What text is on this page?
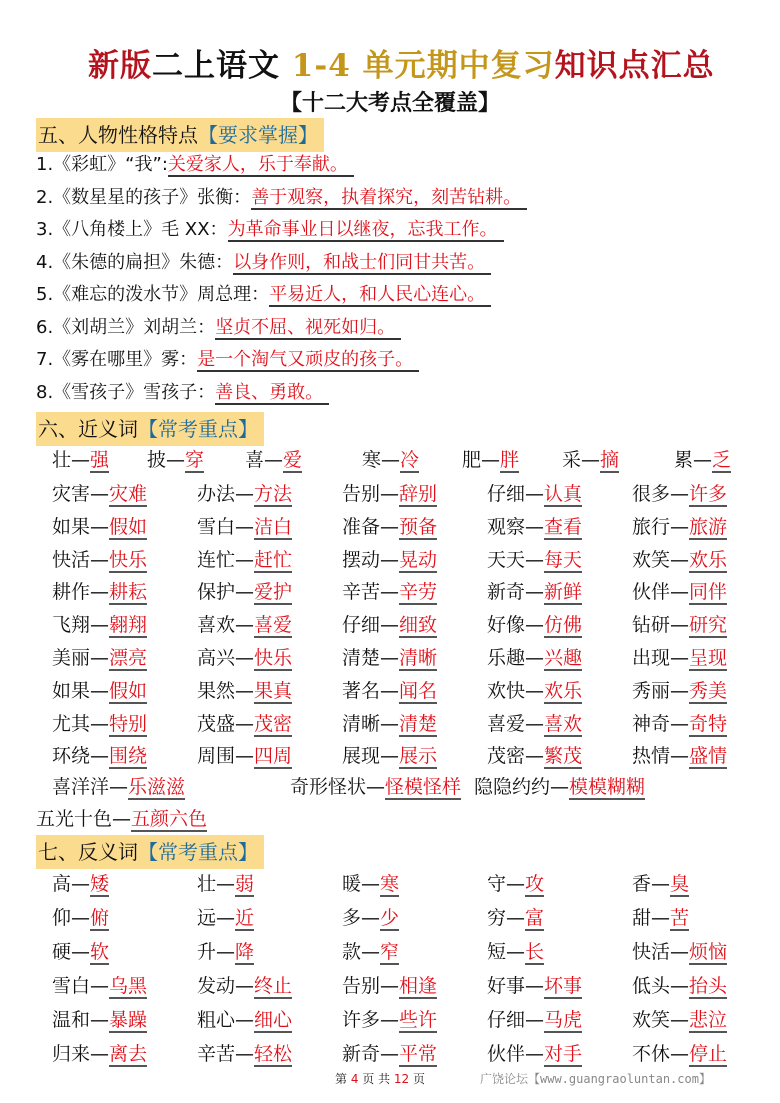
新版二上语文 1-4 单元期中复习知识点汇总
【十二大考点全覆盖】
五、人物性格特点【要求掌握】
1.《彩虹》“我”:关爱家人，乐于奉献。
2.《数星星的孩子》张衡：善于观察，执着探究，刻苦钻耕。
3.《八角楼上》毛 XX：为革命事业日以继夜，忘我工作。
4.《朱德的扁担》朱德：以身作则，和战士们同甘共苦。
5.《难忘的泼水节》周总理：平易近人，和人民心连心。
6.《刘胡兰》刘胡兰：坚贞不屈、视死如归。
7.《雾在哪里》雾：是一个淘气又顽皮的孩子。
8.《雪孩子》雪孩子：善良、勇敢。
六、近义词【常考重点】
壮—强 披—穿 喜—爱	寒—冷 肥—胖 采—摘	累—乏
灾害—灾难	办法—方法	告别—辞别	仔细—认真	很多—许多
如果—假如	雪白—洁白	准备—预备	观察—查看	旅行—旅游
快活—快乐	连忙—赶忙	摆动—晃动	天天—每天	欢笑—欢乐
耕作—耕耘	保护—爱护	辛苦—辛劳	新奇—新鲜	伙伴—同伴
飞翔—翱翔	喜欢—喜爱	仔细—细致	好像—仿佛	钻研—研究
美丽—漂亮	高兴—快乐	清楚—清晰	乐趣—兴趣	出现—呈现
如果—假如	果然—果真	著名—闻名	欢快—欢乐	秀丽—秀美
尤其—特别	茂盛—茂密	清晰—清楚	喜爱—喜欢	神奇—奇特
环绕—围绕	周围—四周	展现—展示	茂密—繁茂	热情—盛情
喜洋洋—乐滋滋	奇形怪状—怪模怪样 隐隐约约—模模糊糊
五光十色—五颜六色
七、反义词【常考重点】
高—矮	壮—弱	暖—寒	守—攻	香—臭
仰—俯	远—近	多—少	穷—富	甜—苦
硬—软	升—降	款—窄	短—长	快活—烦恼
雪白—乌黑	发动—终止	告别—相逢	好事—坏事	低头—抬头
温和—暴躁	粗心—细心	许多—些许	仔细—马虎	欢笑—悲泣
归来—离去	辛苦—轻松	新奇—平常	伙伴—对手	不休—停止
第 4 页 共 12 页	广饶论坛【www.guangraoluntan.com】
